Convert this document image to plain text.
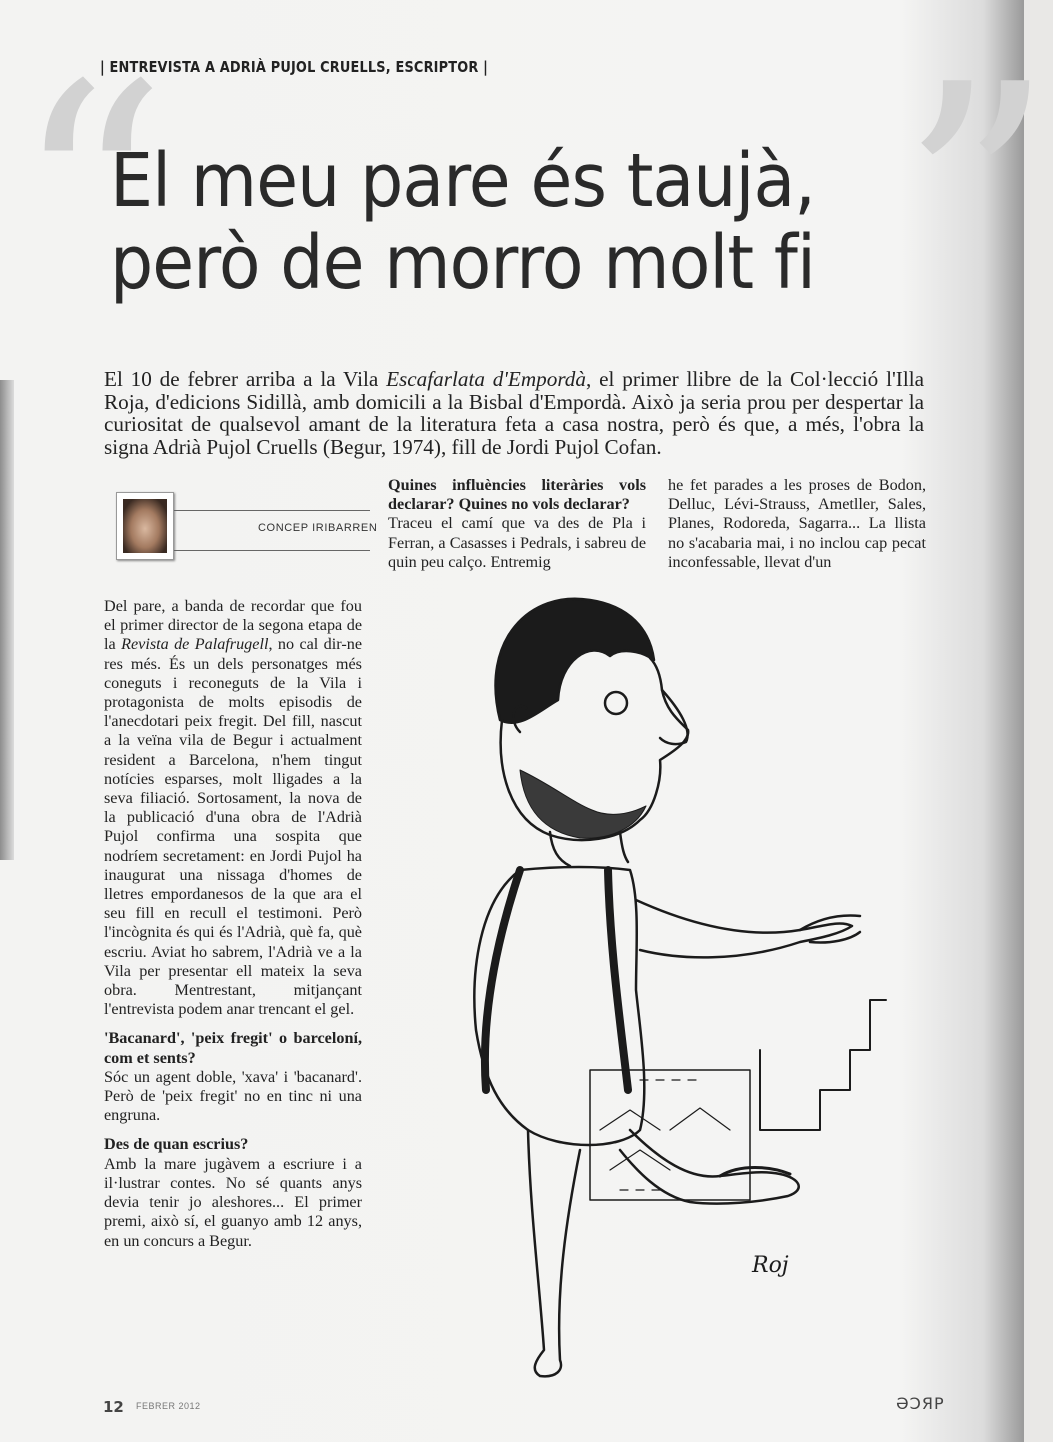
“ ”
| ENTREVISTA A ADRIÀ PUJOL CRUELLS, ESCRIPTOR |
El meu pare és taujà,
però de morro molt fi
El 10 de febrer arriba a la Vila Escafarlata d'Empordà, el primer llibre de la Col·lecció l'Illa Roja, d'edicions Sidillà, amb domicili a la Bisbal d'Empordà. Això ja seria prou per despertar la curiositat de qualsevol amant de la literatura feta a casa nostra, però és que, a més, l'obra la signa Adrià Pujol Cruells (Begur, 1974), fill de Jordi Pujol Cofan.
CONCEP IRIBARREN

Del pare, a banda de recordar que fou el primer director de la segona etapa de la Revista de Palafrugell, no cal dir-ne res més. És un dels personatges més coneguts i reconeguts de la Vila i protagonista de molts episodis de l'anecdotari peix fregit. Del fill, nascut a la veïna vila de Begur i actualment resident a Barcelona, n'hem tingut notícies esparses, molt lligades a la seva filiació. Sortosament, la nova de la publicació d'una obra de l'Adrià Pujol confirma una sospita que nodríem secretament: en Jordi Pujol ha inaugurat una nissaga d'homes de lletres empordanesos de la que ara el seu fill en recull el testimoni. Però l'incògnita és qui és l'Adrià, què fa, què escriu. Aviat ho sabrem, l'Adrià ve a la Vila per presentar ell mateix la seva obra. Mentrestant, mitjançant l'entrevista podem anar trencant el gel.

'Bacanard', 'peix fregit' o barceloní, com et sents?

Sóc un agent doble, 'xava' i 'bacanard'. Però de 'peix fregit' no en tinc ni una engruna.

Des de quan escrius?

Amb la mare jugàvem a escriure i a il·lustrar contes. No sé quants anys devia tenir jo aleshores... El primer premi, això sí, el guanyo amb 12 anys, en un concurs a Begur.

Quines influències literàries vols declarar? Quines no vols declarar?

Traceu el camí que va des de Pla i Ferran, a Casasses i Pedrals, i sabreu de quin peu calço. Entremig

he fet parades a les proses de Bodon, Delluc, Lévi-Strauss, Ametller, Sales, Planes, Rodoreda, Sagarra... La llista no s'acabaria mai, i no inclou cap pecat inconfessable, llevat d'un

Roj
12 FEBRER 2012	ƏƆЯP
